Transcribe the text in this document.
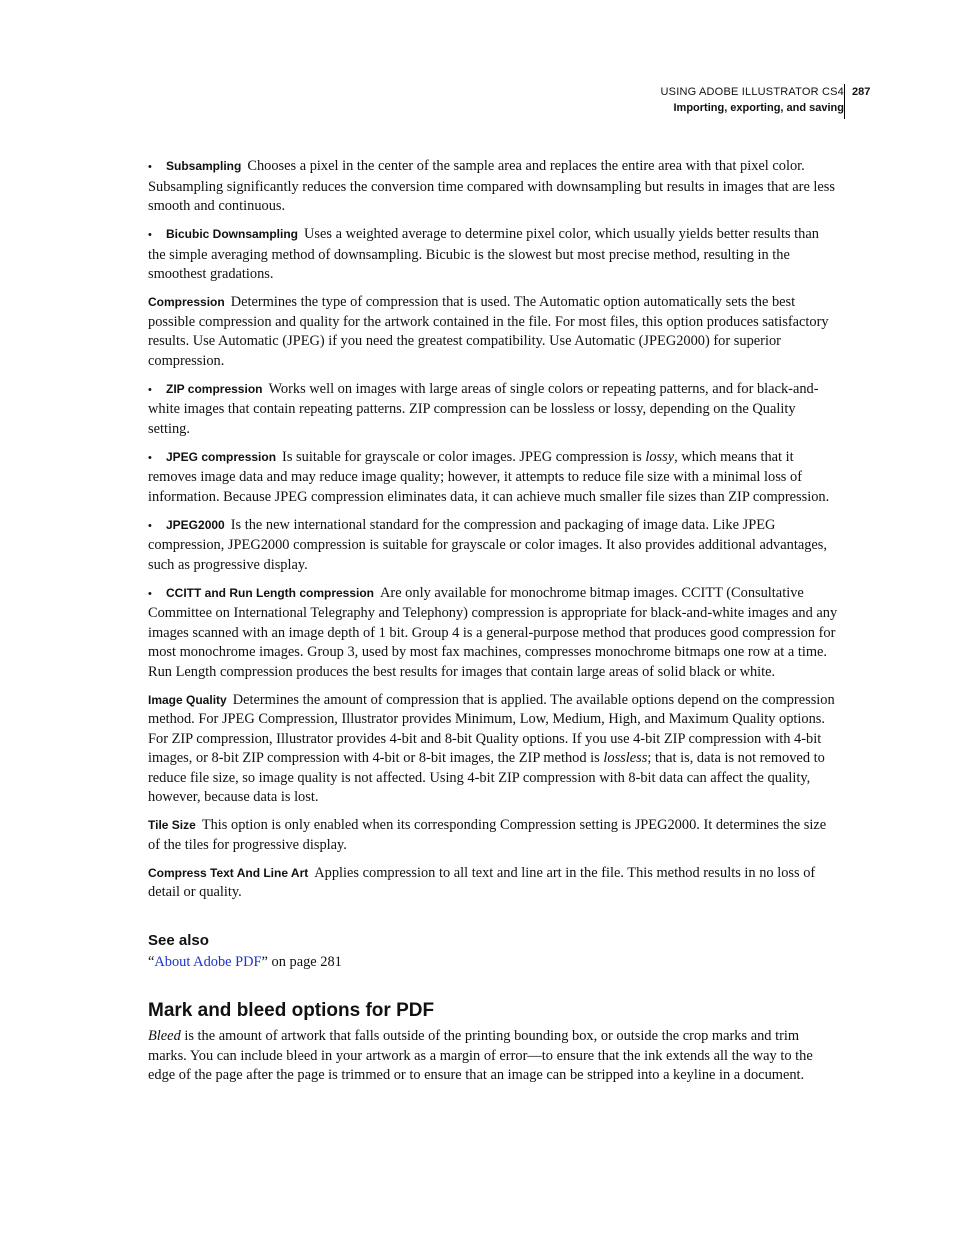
USING ADOBE ILLUSTRATOR CS4
Importing, exporting, and saving
287

• Subsampling Chooses a pixel in the center of the sample area and replaces the entire area with that pixel color. Subsampling significantly reduces the conversion time compared with downsampling but results in images that are less smooth and continuous.

• Bicubic Downsampling Uses a weighted average to determine pixel color, which usually yields better results than the simple averaging method of downsampling. Bicubic is the slowest but most precise method, resulting in the smoothest gradations.

Compression Determines the type of compression that is used. The Automatic option automatically sets the best possible compression and quality for the artwork contained in the file. For most files, this option produces satisfactory results. Use Automatic (JPEG) if you need the greatest compatibility. Use Automatic (JPEG2000) for superior compression.

• ZIP compression Works well on images with large areas of single colors or repeating patterns, and for black-and-white images that contain repeating patterns. ZIP compression can be lossless or lossy, depending on the Quality setting.

• JPEG compression Is suitable for grayscale or color images. JPEG compression is lossy, which means that it removes image data and may reduce image quality; however, it attempts to reduce file size with a minimal loss of information. Because JPEG compression eliminates data, it can achieve much smaller file sizes than ZIP compression.

• JPEG2000 Is the new international standard for the compression and packaging of image data. Like JPEG compression, JPEG2000 compression is suitable for grayscale or color images. It also provides additional advantages, such as progressive display.

• CCITT and Run Length compression Are only available for monochrome bitmap images. CCITT (Consultative Committee on International Telegraphy and Telephony) compression is appropriate for black-and-white images and any images scanned with an image depth of 1 bit. Group 4 is a general-purpose method that produces good compression for most monochrome images. Group 3, used by most fax machines, compresses monochrome bitmaps one row at a time. Run Length compression produces the best results for images that contain large areas of solid black or white.

Image Quality Determines the amount of compression that is applied. The available options depend on the compression method. For JPEG Compression, Illustrator provides Minimum, Low, Medium, High, and Maximum Quality options. For ZIP compression, Illustrator provides 4-bit and 8-bit Quality options. If you use 4-bit ZIP compression with 4-bit images, or 8-bit ZIP compression with 4-bit or 8-bit images, the ZIP method is lossless; that is, data is not removed to reduce file size, so image quality is not affected. Using 4-bit ZIP compression with 8-bit data can affect the quality, however, because data is lost.

Tile Size This option is only enabled when its corresponding Compression setting is JPEG2000. It determines the size of the tiles for progressive display.

Compress Text And Line Art Applies compression to all text and line art in the file. This method results in no loss of detail or quality.

See also

“About Adobe PDF” on page 281

Mark and bleed options for PDF

Bleed is the amount of artwork that falls outside of the printing bounding box, or outside the crop marks and trim marks. You can include bleed in your artwork as a margin of error—to ensure that the ink extends all the way to the edge of the page after the page is trimmed or to ensure that an image can be stripped into a keyline in a document.
